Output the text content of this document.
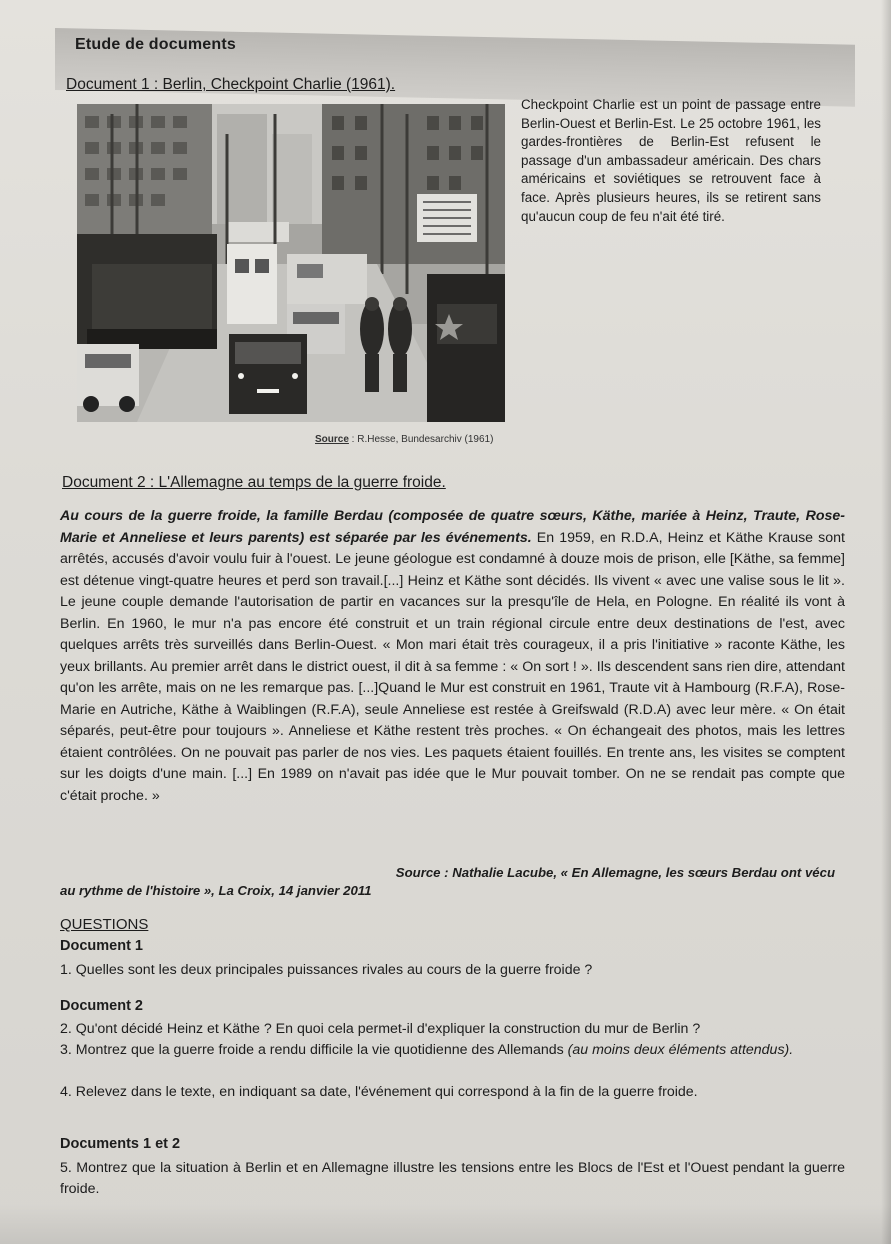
Etude de documents
Document 1 : Berlin, Checkpoint Charlie (1961).
Source : R.Hesse, Bundesarchiv (1961)
Checkpoint Charlie est un point de passage entre Berlin-Ouest et Berlin-Est. Le 25 octobre 1961, les gardes-frontières de Berlin-Est refusent le passage d'un ambassadeur américain. Des chars américains et soviétiques se retrouvent face à face. Après plusieurs heures, ils se retirent sans qu'aucun coup de feu n'ait été tiré.
Document 2 : L'Allemagne au temps de la guerre froide.
Au cours de la guerre froide, la famille Berdau (composée de quatre sœurs, Käthe, mariée à Heinz, Traute, Rose-Marie et Anneliese et leurs parents) est séparée par les événements. En 1959, en R.D.A, Heinz et Käthe Krause sont arrêtés, accusés d'avoir voulu fuir à l'ouest. Le jeune géologue est condamné à douze mois de prison, elle [Käthe, sa femme] est détenue vingt-quatre heures et perd son travail.[...] Heinz et Käthe sont décidés. Ils vivent « avec une valise sous le lit ». Le jeune couple demande l'autorisation de partir en vacances sur la presqu'île de Hela, en Pologne. En réalité ils vont à Berlin. En 1960, le mur n'a pas encore été construit et un train régional circule entre deux destinations de l'est, avec quelques arrêts très surveillés dans Berlin-Ouest. « Mon mari était très courageux, il a pris l'initiative » raconte Käthe, les yeux brillants. Au premier arrêt dans le district ouest, il dit à sa femme : « On sort ! ». Ils descendent sans rien dire, attendant qu'on les arrête, mais on ne les remarque pas. [...]Quand le Mur est construit en 1961, Traute vit à Hambourg (R.F.A), Rose-Marie en Autriche, Käthe à Waiblingen (R.F.A), seule Anneliese est restée à Greifswald (R.D.A) avec leur mère. « On était séparés, peut-être pour toujours ». Anneliese et Käthe restent très proches. « On échangeait des photos, mais les lettres étaient contrôlées. On ne pouvait pas parler de nos vies. Les paquets étaient fouillés. En trente ans, les visites se comptent sur les doigts d'une main. [...] En 1989 on n'avait pas idée que le Mur pouvait tomber. On ne se rendait pas compte que c'était proche. »
Source : Nathalie Lacube, « En Allemagne, les sœurs Berdau ont vécu
au rythme de l'histoire », La Croix, 14 janvier 2011
QUESTIONS
Document 1
1. Quelles sont les deux principales puissances rivales au cours de la guerre froide ?
Document 2
2. Qu'ont décidé Heinz et Käthe ? En quoi cela permet-il d'expliquer la construction du mur de Berlin ?
3. Montrez que la guerre froide a rendu difficile la vie quotidienne des Allemands (au moins deux éléments attendus).
4. Relevez dans le texte, en indiquant sa date, l'événement qui correspond à la fin de la guerre froide.
Documents 1 et 2
5. Montrez que la situation à Berlin et en Allemagne illustre les tensions entre les Blocs de l'Est et l'Ouest pendant la guerre froide.
